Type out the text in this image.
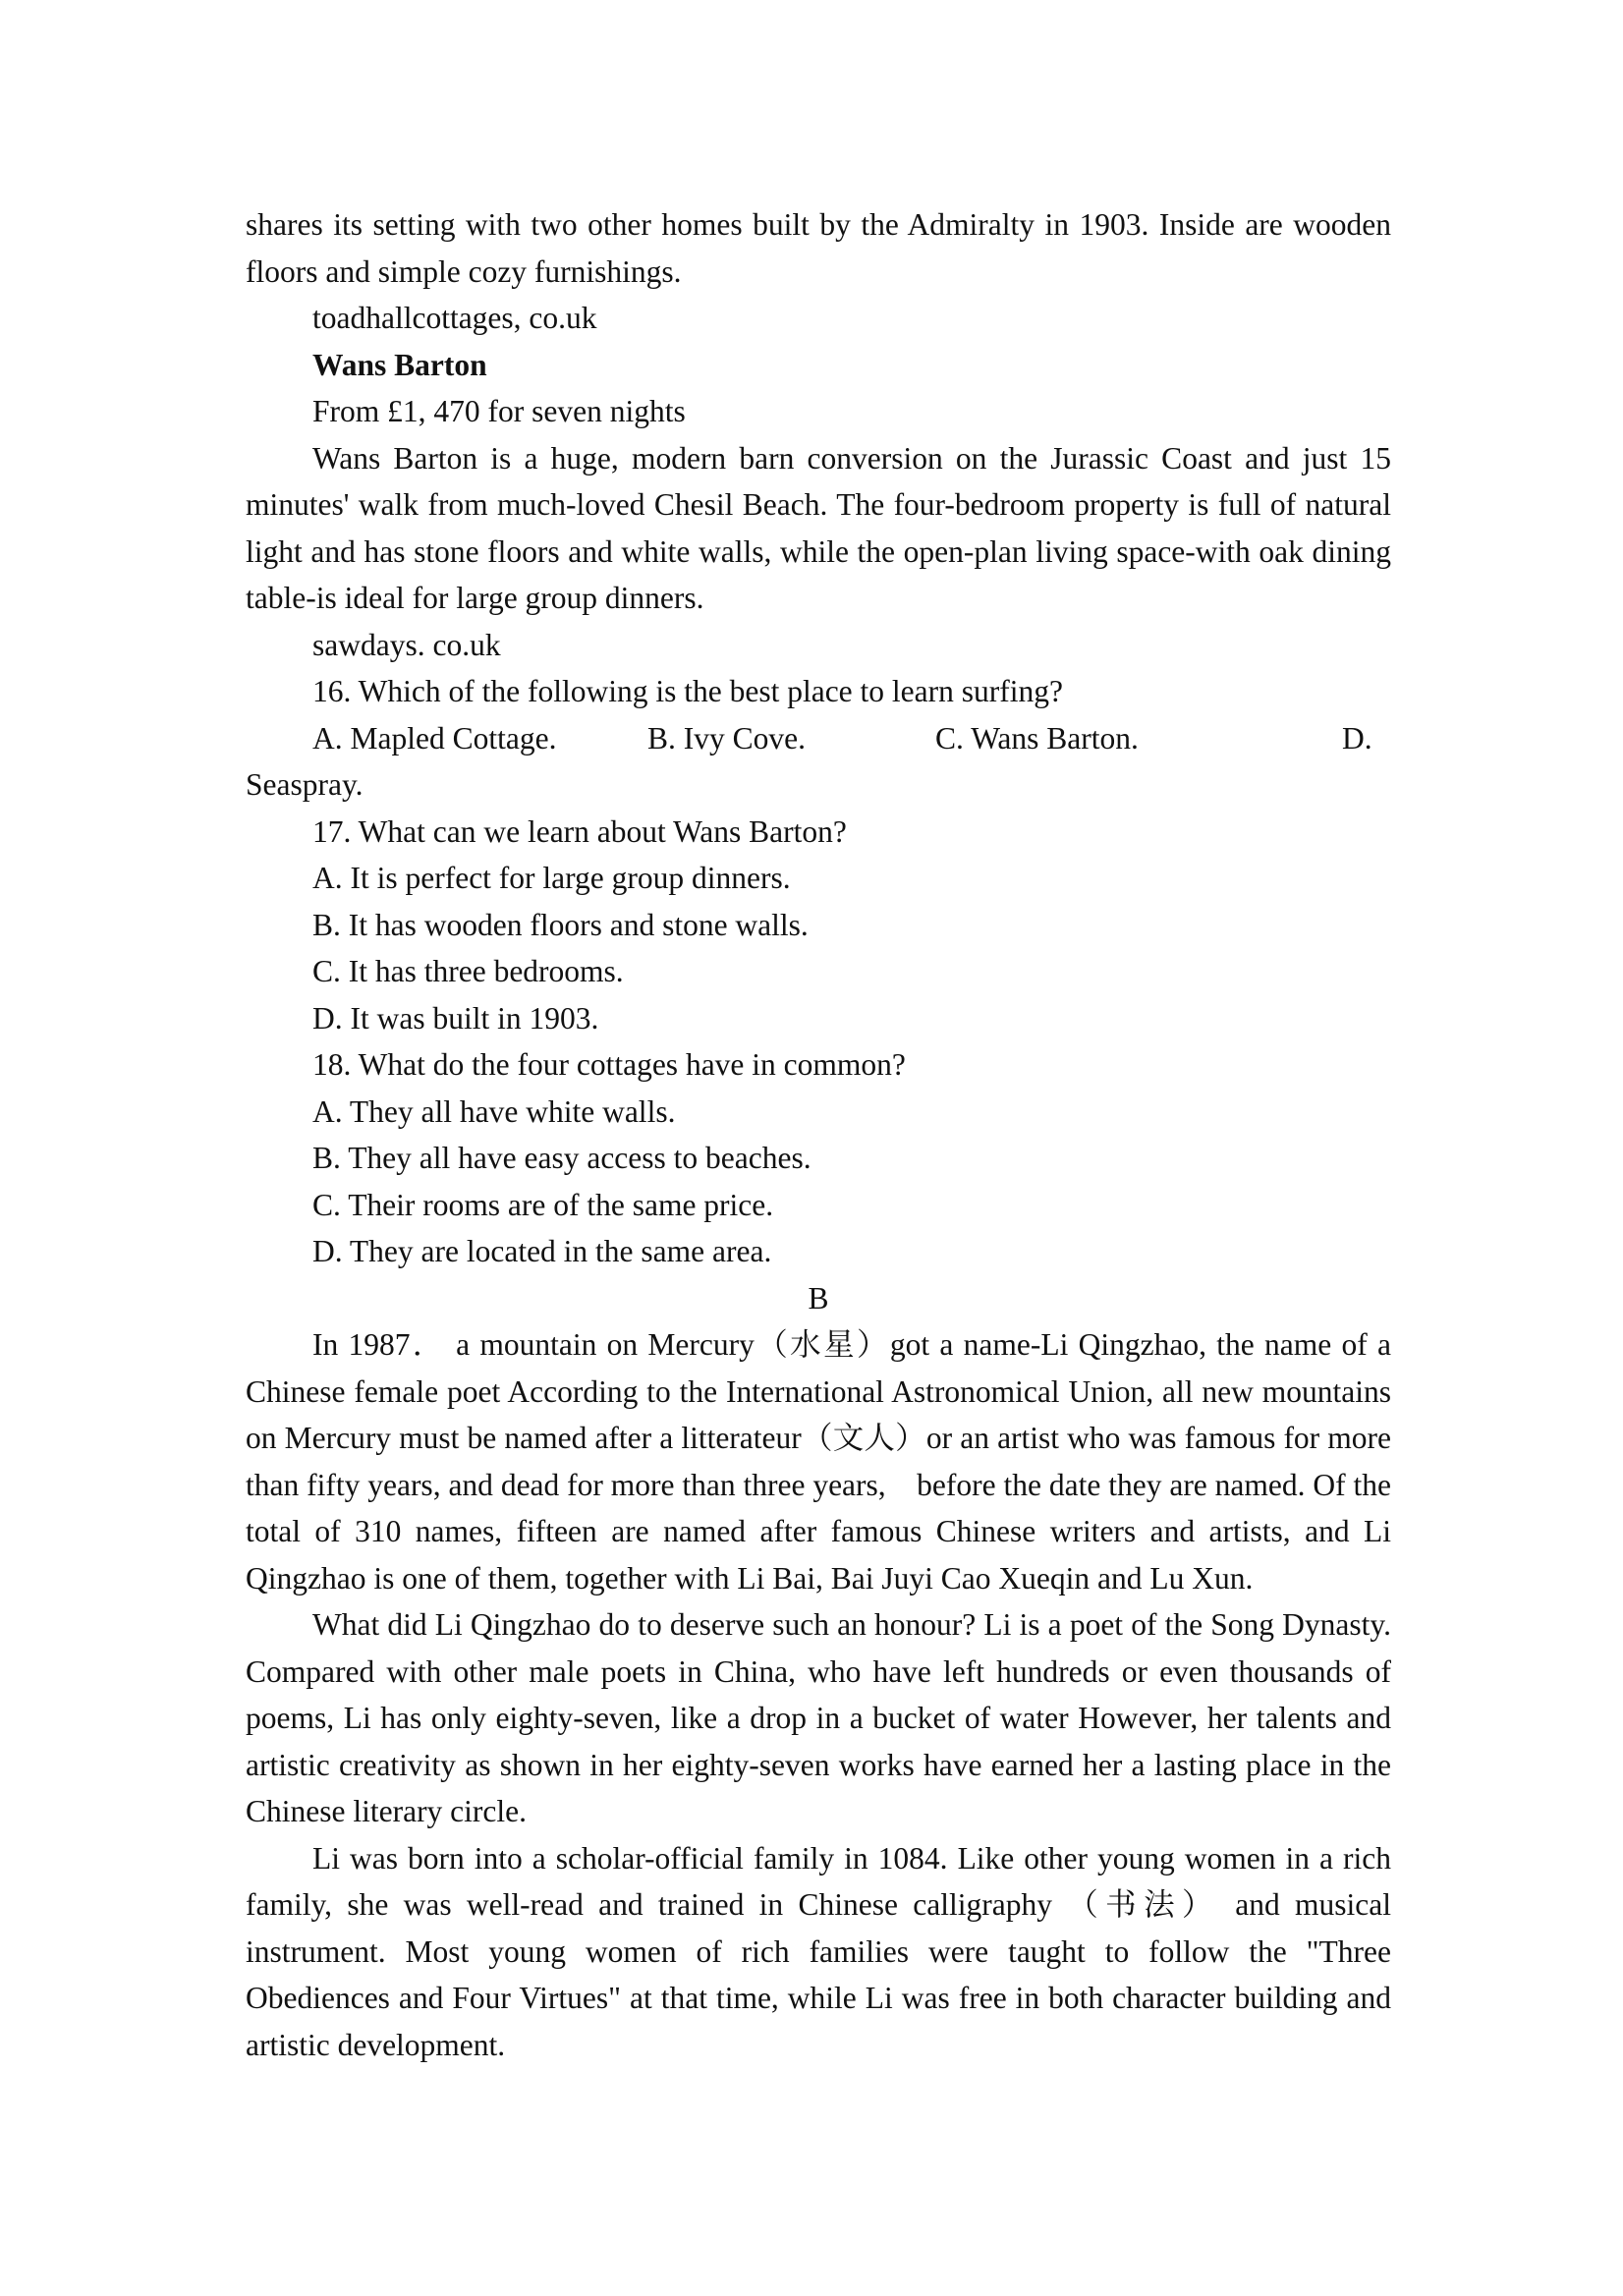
shares its setting with two other homes built by the Admiralty in 1903. Inside are wooden floors and simple cozy furnishings.

toadhallcottages, co.uk

Wans Barton

From £1, 470 for seven nights

Wans Barton is a huge, modern barn conversion on the Jurassic Coast and just 15 minutes' walk from much-loved Chesil Beach. The four-bedroom property is full of natural light and has stone floors and white walls, while the open-plan living space-with oak dining table-is ideal for large group dinners.

sawdays. co.uk

16. Which of the following is the best place to learn surfing?

A. Mapled Cottage.	B. Ivy Cove.	C. Wans Barton.	D.

Seaspray.

17. What can we learn about Wans Barton?

A. It is perfect for large group dinners.

B. It has wooden floors and stone walls.

C. It has three bedrooms.

D. It was built in 1903.

18. What do the four cottages have in common?

A. They all have white walls.

B. They all have easy access to beaches.

C. Their rooms are of the same price.

D. They are located in the same area.

B

In 1987． a mountain on Mercury（水星）got a name-Li Qingzhao, the name of a Chinese female poet According to the International Astronomical Union, all new mountains on Mercury must be named after a litterateur（文人）or an artist who was famous for more than fifty years, and dead for more than three years,　before the date they are named. Of the total of 310 names, fifteen are named after famous Chinese writers and artists, and Li Qingzhao is one of them, together with Li Bai, Bai Juyi Cao Xueqin and Lu Xun.

What did Li Qingzhao do to deserve such an honour? Li is a poet of the Song Dynasty. Compared with other male poets in China, who have left hundreds or even thousands of poems, Li has only eighty-seven, like a drop in a bucket of water However, her talents and artistic creativity as shown in her eighty-seven works have earned her a lasting place in the Chinese literary circle.

Li was born into a scholar-official family in 1084. Like other young women in a rich family, she was well-read and trained in Chinese calligraphy （书法） and musical instrument. Most young women of rich families were taught to follow the "Three Obediences and Four Virtues" at that time, while Li was free in both character building and artistic development.
